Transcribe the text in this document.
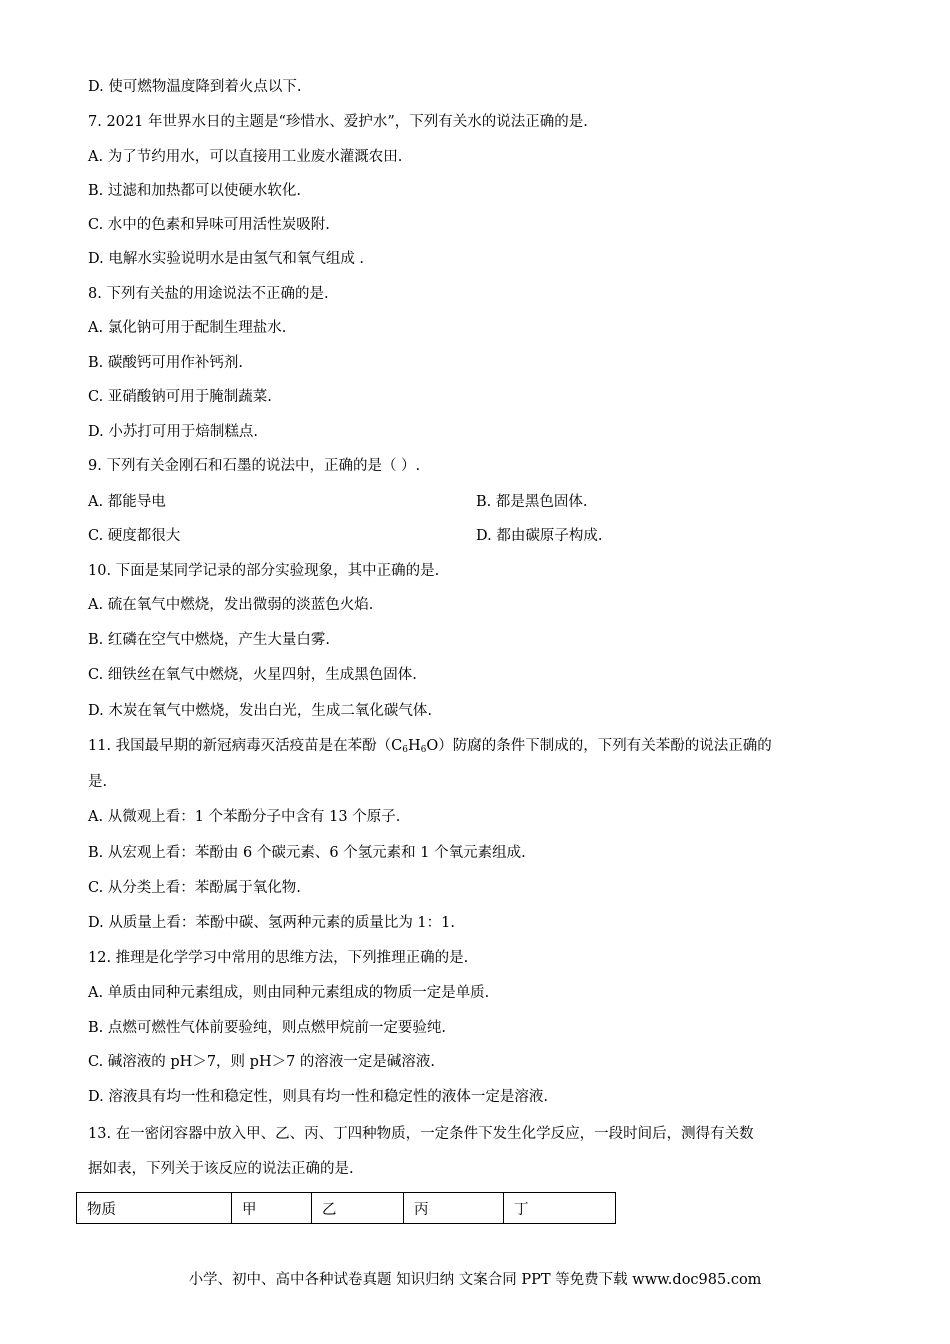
D. 使可燃物温度降到着火点以下.
7. 2021 年世界水日的主题是“珍惜水、爱护水”，下列有关水的说法正确的是.
A. 为了节约用水，可以直接用工业废水灌溉农田.
B. 过滤和加热都可以使硬水软化.
C. 水中的色素和异味可用活性炭吸附.
D. 电解水实验说明水是由氢气和氧气组成 .
8. 下列有关盐的用途说法不正确的是.
A. 氯化钠可用于配制生理盐水.
B. 碳酸钙可用作补钙剂.
C. 亚硝酸钠可用于腌制蔬菜.
D. 小苏打可用于焙制糕点.
9. 下列有关金刚石和石墨的说法中，正确的是（ ）.
A. 都能导电	B. 都是黑色固体.
C. 硬度都很大	D. 都由碳原子构成.
10. 下面是某同学记录的部分实验现象，其中正确的是.
A. 硫在氧气中燃烧，发出微弱的淡蓝色火焰.
B. 红磷在空气中燃烧，产生大量白雾.
C. 细铁丝在氧气中燃烧，火星四射，生成黑色固体.
D. 木炭在氧气中燃烧，发出白光，生成二氧化碳气体.
11. 我国最早期的新冠病毒灭活疫苗是在苯酚$(C_6H_6O)$防腐的条件下制成的，下列有关苯酚的说法正确的
是.
A. 从微观上看：1 个苯酚分子中含有 13 个原子.
B. 从宏观上看：苯酚由 6 个碳元素、6 个氢元素和 1 个氧元素组成.
C. 从分类上看：苯酚属于氧化物.
D. 从质量上看：苯酚中碳、氢两种元素的质量比为 1：1.
12. 推理是化学学习中常用的思维方法，下列推理正确的是.
A. 单质由同种元素组成，则由同种元素组成的物质一定是单质.
B. 点燃可燃性气体前要验纯，则点燃甲烷前一定要验纯.
C. 碱溶液的 pH＞7，则 pH＞7 的溶液一定是碱溶液.
D. 溶液具有均一性和稳定性，则具有均一性和稳定性的液体一定是溶液.
13. 在一密闭容器中放入甲、乙、丙、丁四种物质，一定条件下发生化学反应，一段时间后，测得有关数
据如表，下列关于该反应的说法正确的是.
物质	甲	乙	丙	丁
小学、初中、高中各种试卷真题 知识归纳 文案合同 PPT 等免费下载 www.doc985.com
